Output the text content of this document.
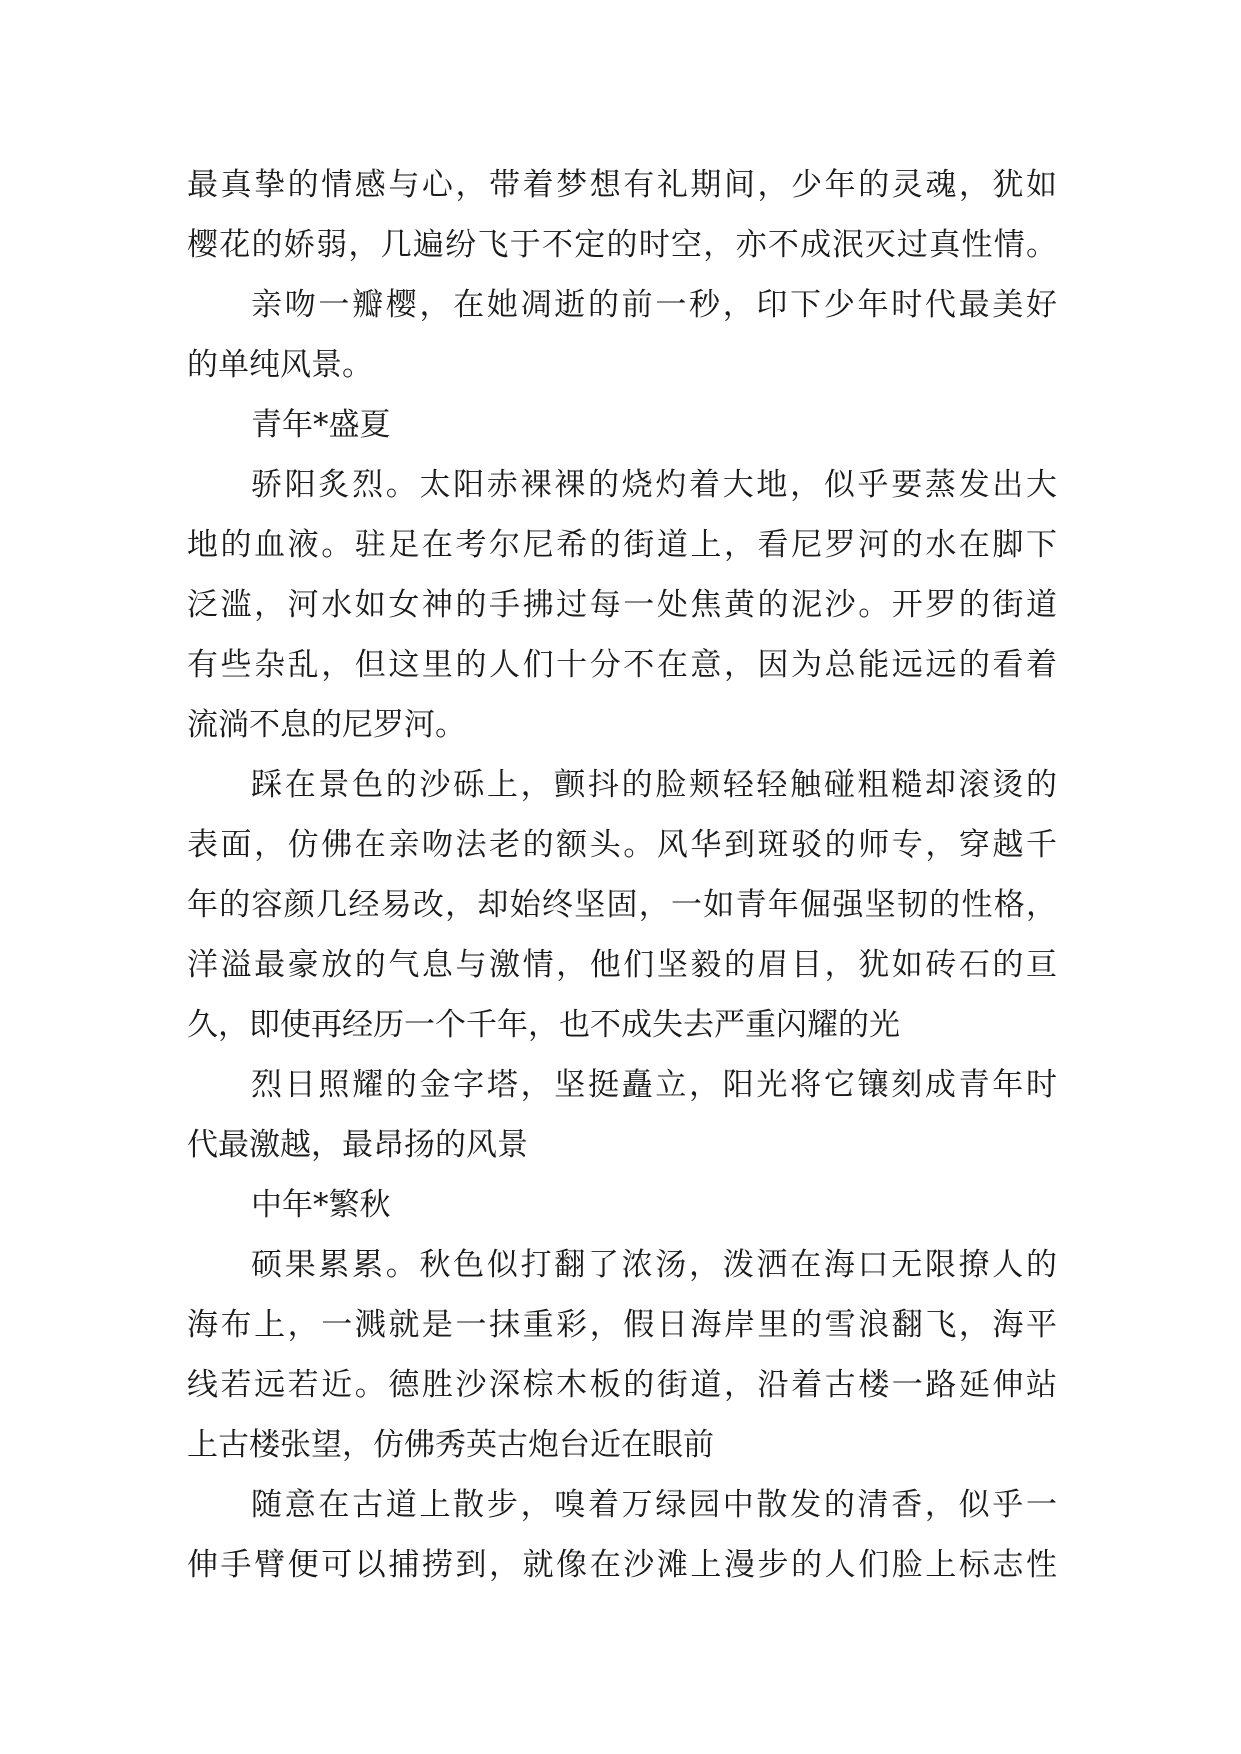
最真挚的情感与心，带着梦想有礼期间，少年的灵魂，犹如
樱花的娇弱，几遍纷飞于不定的时空，亦不成泯灭过真性情。
亲吻一瓣樱，在她凋逝的前一秒，印下少年时代最美好
的单纯风景。
青年*盛夏
骄阳炙烈。太阳赤裸裸的烧灼着大地，似乎要蒸发出大
地的血液。驻足在考尔尼希的街道上，看尼罗河的水在脚下
泛滥，河水如女神的手拂过每一处焦黄的泥沙。开罗的街道
有些杂乱，但这里的人们十分不在意，因为总能远远的看着
流淌不息的尼罗河。
踩在景色的沙砾上，颤抖的脸颊轻轻触碰粗糙却滚烫的
表面，仿佛在亲吻法老的额头。风华到斑驳的师专，穿越千
年的容颜几经易改，却始终坚固，一如青年倔强坚韧的性格，
洋溢最豪放的气息与激情，他们坚毅的眉目，犹如砖石的亘
久，即使再经历一个千年，也不成失去严重闪耀的光
烈日照耀的金字塔，坚挺矗立，阳光将它镶刻成青年时
代最激越，最昂扬的风景
中年*繁秋
硕果累累。秋色似打翻了浓汤，泼洒在海口无限撩人的
海布上，一溅就是一抹重彩，假日海岸里的雪浪翻飞，海平
线若远若近。德胜沙深棕木板的街道，沿着古楼一路延伸站
上古楼张望，仿佛秀英古炮台近在眼前
随意在古道上散步，嗅着万绿园中散发的清香，似乎一
伸手臂便可以捕捞到，就像在沙滩上漫步的人们脸上标志性
